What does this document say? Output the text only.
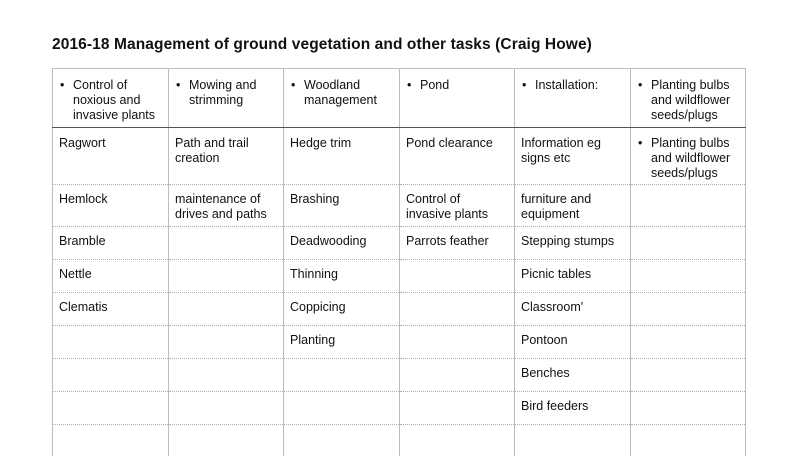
2016-18 Management of ground vegetation and other tasks (Craig Howe)
• Control of noxious and invasive plants	• Mowing and strimming	• Woodland management	• Pond	• Installation:	• Planting bulbs and wildflower seeds/plugs

Ragwort	Path and trail creation	Hedge trim	Pond clearance	Information eg signs etc	• Planting bulbs and wildflower seeds/plugs

Hemlock	maintenance of drives and paths	Brashing	Control of invasive plants	furniture and equipment	
Bramble		Deadwooding	Parrots feather	Stepping stumps	
Nettle		Thinning		Picnic tables	
Clematis		Coppicing		Classroom'	
		Planting		Pontoon	
				Benches	
				Bird feeders	
